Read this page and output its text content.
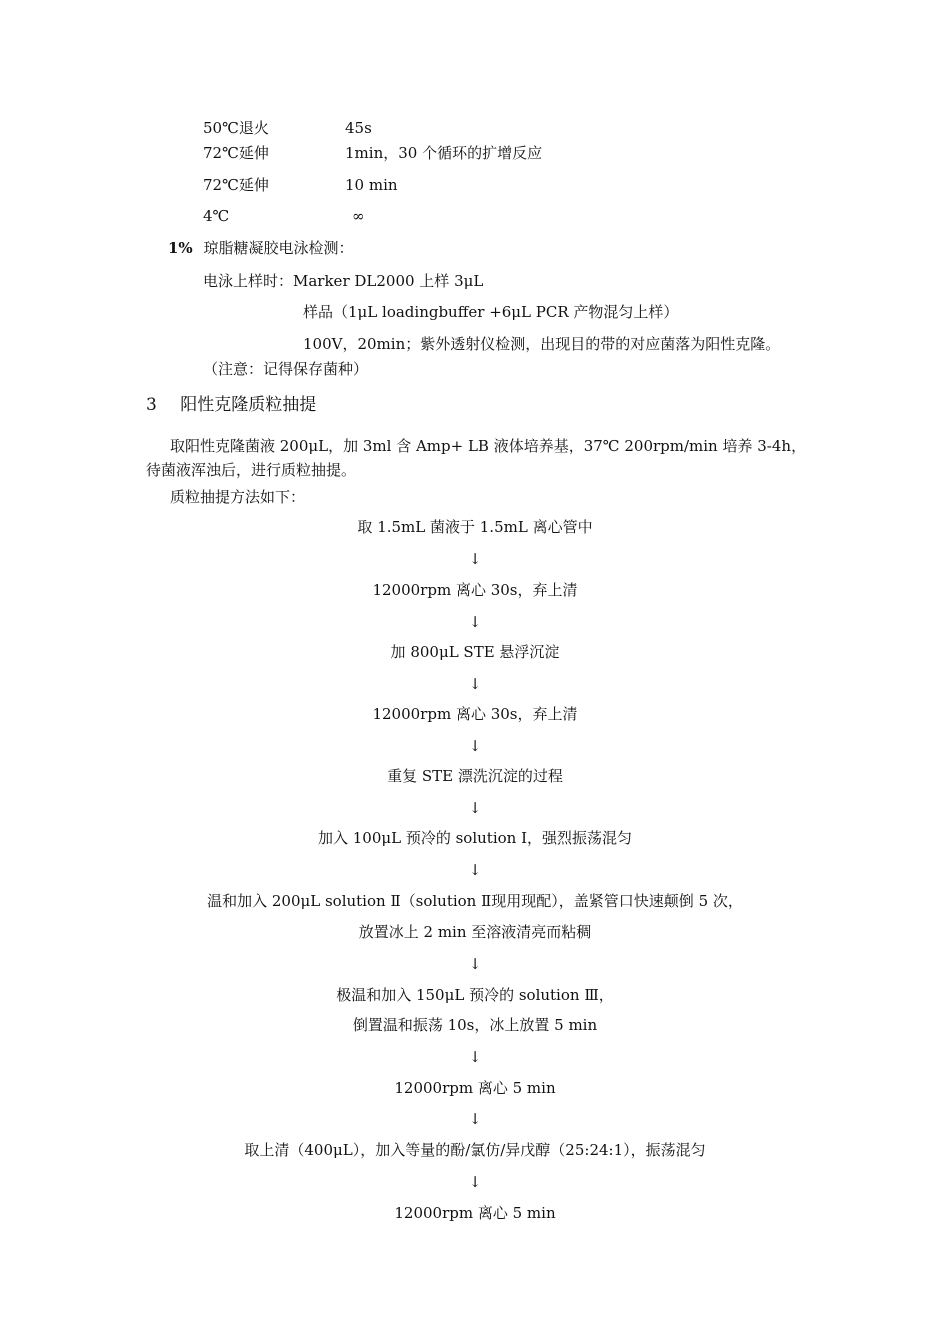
50℃退火	45s
72℃延伸	1min，30 个循环的扩增反应
72℃延伸	10 min
4℃	∞
1% 琼脂糖凝胶电泳检测：
电泳上样时：Marker DL2000 上样 3μL
样品（1μL loadingbuffer +6μL PCR 产物混匀上样）
100V，20min；紫外透射仪检测，出现目的带的对应菌落为阳性克隆。
（注意：记得保存菌种）
3 阳性克隆质粒抽提
取阳性克隆菌液 200μL，加 3ml 含 Amp+ LB 液体培养基，37℃ 200rpm/min 培养 3-4h，
待菌液浑浊后，进行质粒抽提。
质粒抽提方法如下：
取 1.5mL 菌液于 1.5mL 离心管中
↓
12000rpm 离心 30s，弃上清
↓
加 800μL STE 悬浮沉淀
↓
12000rpm 离心 30s，弃上清
↓
重复 STE 漂洗沉淀的过程
↓
加入 100μL 预冷的 solution Ⅰ，强烈振荡混匀
↓
温和加入 200μL solution Ⅱ（solution Ⅱ现用现配），盖紧管口快速颠倒 5 次，
放置冰上 2 min 至溶液清亮而粘稠
↓
极温和加入 150μL 预冷的 solution Ⅲ，
倒置温和振荡 10s，冰上放置 5 min
↓
12000rpm 离心 5 min
↓
取上清（400μL），加入等量的酚/氯仿/异戊醇（25:24:1），振荡混匀
↓
12000rpm 离心 5 min
